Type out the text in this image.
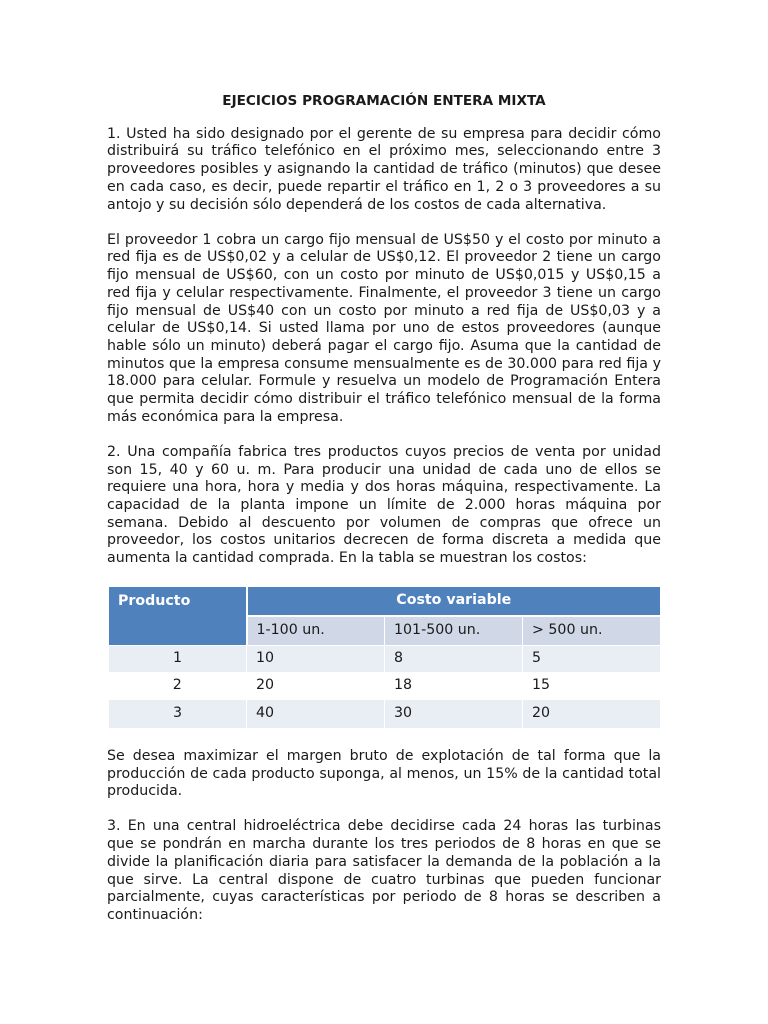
EJECICIOS PROGRAMACIÓN ENTERA MIXTA

1. Usted ha sido designado por el gerente de su empresa para decidir cómo distribuirá su tráfico telefónico en el próximo mes, seleccionando entre 3 proveedores posibles y asignando la cantidad de tráfico (minutos) que desee en cada caso, es decir, puede repartir el tráfico en 1, 2 o 3 proveedores a su antojo y su decisión sólo dependerá de los costos de cada alternativa.

El proveedor 1 cobra un cargo fijo mensual de US$50 y el costo por minuto a red fija es de US$0,02 y a celular de US$0,12. El proveedor 2 tiene un cargo fijo mensual de US$60, con un costo por minuto de US$0,015 y US$0,15 a red fija y celular respectivamente. Finalmente, el proveedor 3 tiene un cargo fijo mensual de US$40 con un costo por minuto a red fija de US$0,03 y a celular de US$0,14. Si usted llama por uno de estos proveedores (aunque hable sólo un minuto) deberá pagar el cargo fijo. Asuma que la cantidad de minutos que la empresa consume mensualmente es de 30.000 para red fija y 18.000 para celular. Formule y resuelva un modelo de Programación Entera que permita decidir cómo distribuir el tráfico telefónico mensual de la forma más económica para la empresa.

2. Una compañía fabrica tres productos cuyos precios de venta por unidad son 15, 40 y 60 u. m. Para producir una unidad de cada uno de ellos se requiere una hora, hora y media y dos horas máquina, respectivamente. La capacidad de la planta impone un límite de 2.000 horas máquina por semana. Debido al descuento por volumen de compras que ofrece un proveedor, los costos unitarios decrecen de forma discreta a medida que aumenta la cantidad comprada. En la tabla se muestran los costos:

Producto	Costo variable		
	1-100 un.	101-500 un.	> 500 un.
1	10	8	5
2	20	18	15
3	40	30	20

Se desea maximizar el margen bruto de explotación de tal forma que la producción de cada producto suponga, al menos, un 15% de la cantidad total producida.

3. En una central hidroeléctrica debe decidirse cada 24 horas las turbinas que se pondrán en marcha durante los tres periodos de 8 horas en que se divide la planificación diaria para satisfacer la demanda de la población a la que sirve. La central dispone de cuatro turbinas que pueden funcionar parcialmente, cuyas características por periodo de 8 horas se describen a continuación:
